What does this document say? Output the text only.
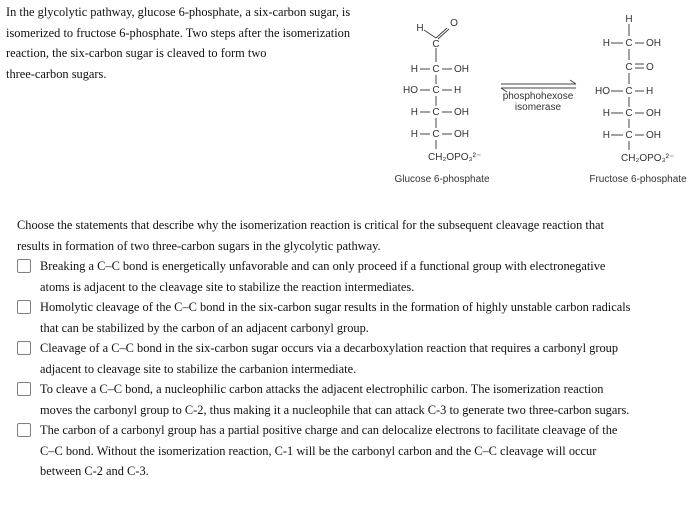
In the glycolytic pathway, glucose 6-phosphate, a six-carbon sugar, is
isomerized to fructose 6-phosphate. Two steps after the isomerization
reaction, the six-carbon sugar is cleaved to form two
three-carbon sugars.
H	O
C
H C OH
HO C H
H C OH
H C OH
CH₂OPO₃²⁻
Glucose 6-phosphate
phosphohexose
isomerase
H
H C OH
C O
HO C H
H C OH
H C OH
CH₂OPO₃²⁻
Fructose 6-phosphate
Choose the statements that describe why the isomerization reaction is critical for the subsequent cleavage reaction that
results in formation of two three-carbon sugars in the glycolytic pathway.
Breaking a C–C bond is energetically unfavorable and can only proceed if a functional group with electronegative
atoms is adjacent to the cleavage site to stabilize the reaction intermediates.
Homolytic cleavage of the C–C bond in the six-carbon sugar results in the formation of highly unstable carbon radicals
that can be stabilized by the carbon of an adjacent carbonyl group.
Cleavage of a C–C bond in the six-carbon sugar occurs via a decarboxylation reaction that requires a carbonyl group
adjacent to cleavage site to stabilize the carbanion intermediate.
To cleave a C–C bond, a nucleophilic carbon attacks the adjacent electrophilic carbon. The isomerization reaction
moves the carbonyl group to C-2, thus making it a nucleophile that can attack C-3 to generate two three-carbon sugars.
The carbon of a carbonyl group has a partial positive charge and can delocalize electrons to facilitate cleavage of the
C–C bond. Without the isomerization reaction, C-1 will be the carbonyl carbon and the C–C cleavage will occur
between C-2 and C-3.
